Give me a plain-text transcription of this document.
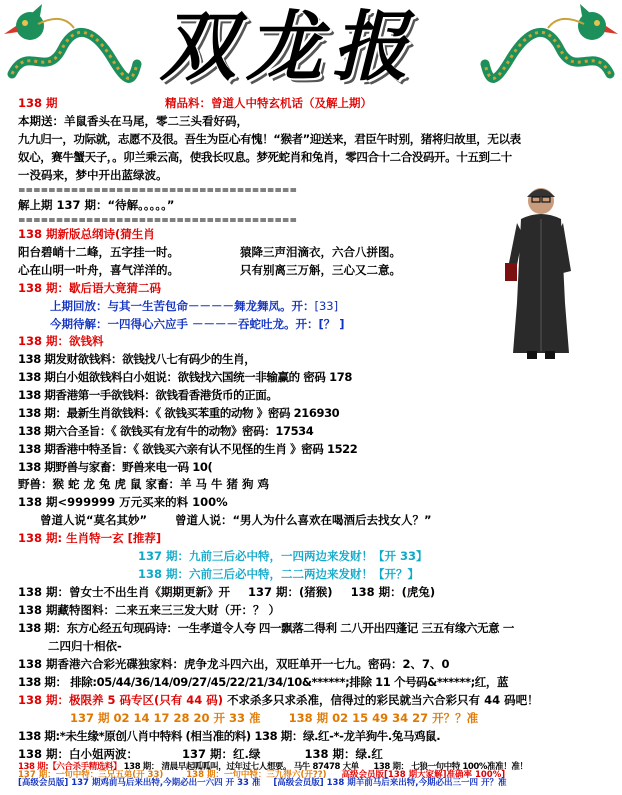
双龙报
138 期	精品料：曾道人中特玄机话（及解上期）
本期送：羊鼠香头在马尾，零二三头看好码，
九九归一，功际就，志愿不及很。吾生为臣心有愧！“猴者”迎送来，君臣午时别，猪将归故里，无以表
奴心，赛牛蟹天子，。卯兰乘云高，使我长叹息。梦死蛇肖和兔肖，零四合十二合没码开。十五到二十
一没码来，梦中开出蓝绿波。
=====================================
解上期 137 期：“待解。。。。。”
=====================================
138 期新版总纲诗(猜生肖
阳台碧峭十二峰，五字挂一时。	猿降三声泪滴衣，六合八拼图。
心在山明一叶舟，喜气洋洋的。	只有别离三万斛，三心又二意。
138 期：歇后语大竟猜二码
上期回放：与其一生苦包命－－－－舞龙舞凤。开：[33]
今期待解：一四得心六应手 －－－－吞蛇吐龙。开：[？ ]
138 期：欲钱料
138 期发财欲钱料：欲钱找八七有码少的生肖，
138 期白小姐欲钱料白小姐说：欲钱找六国统一非输赢的 密码 178
138 期香港第一手欲钱料：欲钱看香港货币的正面。
138 期：最新生肖欲钱料：《 欲钱买苯重的动物 》密码 216930
138 期六合圣旨：《 欲钱买有龙有牛的动物》密码：17534
138 期香港中特圣旨：《 欲钱买六亲有认不见怪的生肖 》密码 1522
138 期野兽与家畜：野兽来电一码 10(
野兽：猴 蛇 龙 兔 虎 鼠 家畜：羊 马 牛 猪 狗 鸡
138 期<999999 万元买来的料 100%
曾道人说“莫名其妙” 曾道人说：“男人为什么喜欢在喝酒后去找女人？”
138 期: 生肖特一玄 [推荐]
137 期：九前三后必中特，一四两边来发财！【开 33】
138 期：六前三后必中特，二二两边来发财！【开？】
138 期：曾女士不出生肖《期期更新》开 137 期：(猪猴) 138 期：(虎兔)
138 期藏特图料：二来五来三三发大财（开：？ ）
138 期：东方心经五句现码诗：一生孝道令人夸 四一飘落二得利 二八开出四蓬记 三五有缘六无意 一
二四归十相依-
138 期香港六合彩光碟独家料：虎争龙斗四六出，双旺单开一七九。密码：2、7、0
138 期： 排除:05/44/36/14/09/27/45/22/21/34/10&******;排除 11 个号码&******;红，蓝
138 期：极限养 5 码专区(只有 44 码) 不求杀多只求杀准，信得过的彩民就当六合彩只有 44 码吧！
137 期 02 14 17 28 20 开 33 准 138 期 02 15 49 34 27 开？？准
138 期:*未生缘*原创八肖中特料 (相当准的料) 138 期：绿.红-*-龙羊狗牛.兔马鸡鼠.
138 期：白小姐两波：	137 期：红.绿	138 期：绿.红
138 期:【六合杀手精选料】 138 期： 清晨早起呱呱叫，过年过七人想要。 马牛 87478 大单 138 期： 七狼一句中特 100%准准！准！
137 期：一句中特：三兄五弟(开 33)	138 期：一句中特：三九得六(开??) 高级会员版[138 期大家解]准确率 100%]
[高级会员版] 137 期鸡前马后来出特,今期必出一六四 开 33 准 [高级会员版] 138 期羊前马后来出特,今期必出三一四 开？准
